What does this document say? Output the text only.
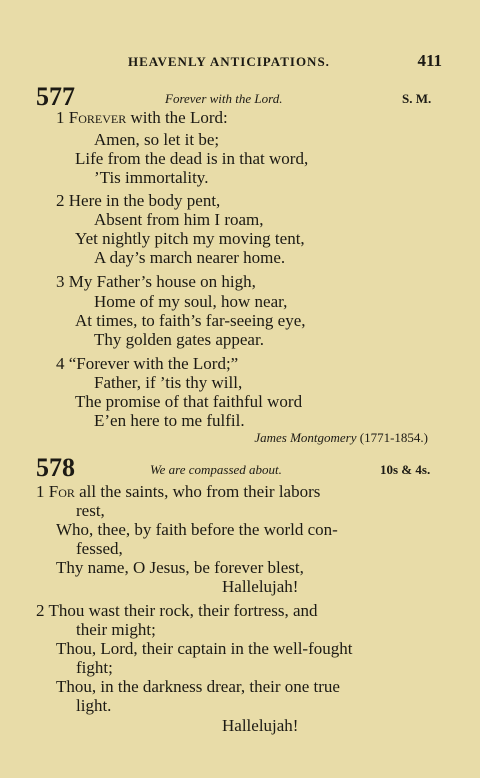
HEAVENLY ANTICIPATIONS.	411
577	Forever with the Lord.	S. M.
1 Forever with the Lord:
Amen, so let it be;
Life from the dead is in that word,
’Tis immortality.
2 Here in the body pent,
Absent from him I roam,
Yet nightly pitch my moving tent,
A day’s march nearer home.
3 My Father’s house on high,
Home of my soul, how near,
At times, to faith’s far-seeing eye,
Thy golden gates appear.
4 “Forever with the Lord;”
Father, if ’tis thy will,
The promise of that faithful word
E’en here to me fulfil.
James Montgomery (1771-1854.)
578	We are compassed about.	10s & 4s.
1 For all the saints, who from their labors
rest,
Who, thee, by faith before the world con-
fessed,
Thy name, O Jesus, be forever blest,
Hallelujah!
2 Thou wast their rock, their fortress, and
their might;
Thou, Lord, their captain in the well-fought
fight;
Thou, in the darkness drear, their one true
light.
Hallelujah!
